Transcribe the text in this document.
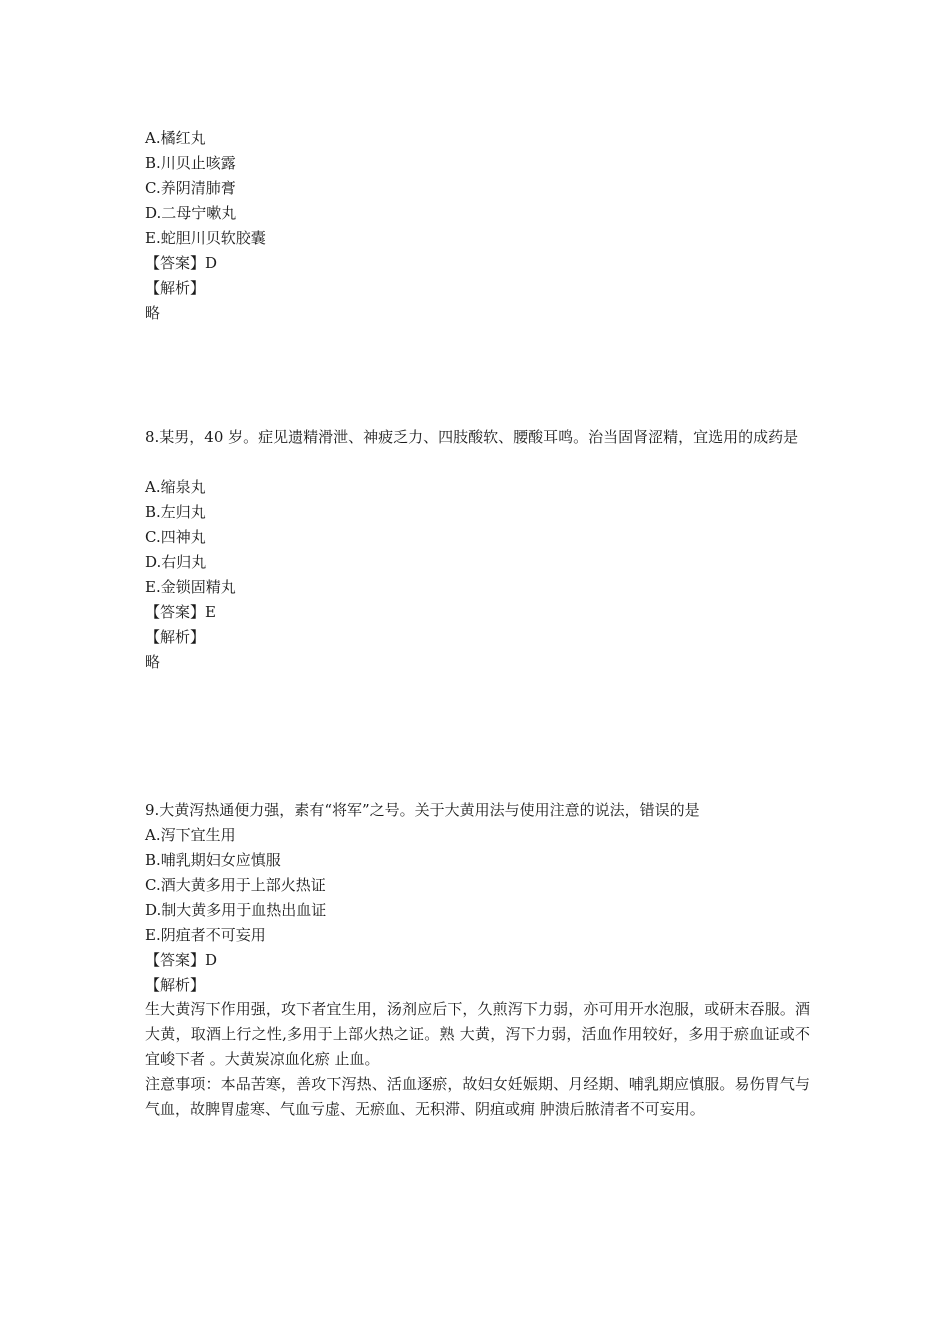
A.橘红丸
B.川贝止咳露
C.养阴清肺膏
D.二母宁嗽丸
E.蛇胆川贝软胶囊
【答案】D
【解析】
略
8.某男，40 岁。症见遗精滑泄、神疲乏力、四肢酸软、腰酸耳鸣。治当固肾涩精，宜选用的成药是
A.缩泉丸
B.左归丸
C.四神丸
D.右归丸
E.金锁固精丸
【答案】E
【解析】
略
9.大黄泻热通便力强，素有“将军”之号。关于大黄用法与使用注意的说法，错误的是
A.泻下宜生用
B.哺乳期妇女应慎服
C.酒大黄多用于上部火热证
D.制大黄多用于血热出血证
E.阴疽者不可妄用
【答案】D
【解析】
生大黄泻下作用强，攻下者宜生用，汤剂应后下，久煎泻下力弱，亦可用开水泡服，或研末吞服。酒大黄，取酒上行之性,多用于上部火热之证。熟 大黄，泻下力弱，活血作用较好，多用于瘀血证或不宜峻下者 。大黄炭凉血化瘀 止血。
注意事项：本品苦寒，善攻下泻热、活血逐瘀，故妇女妊娠期、月经期、哺乳期应慎服。易伤胃气与气血，故脾胃虚寒、气血亏虚、无瘀血、无积滞、阴疽或痈 肿溃后脓清者不可妄用。
